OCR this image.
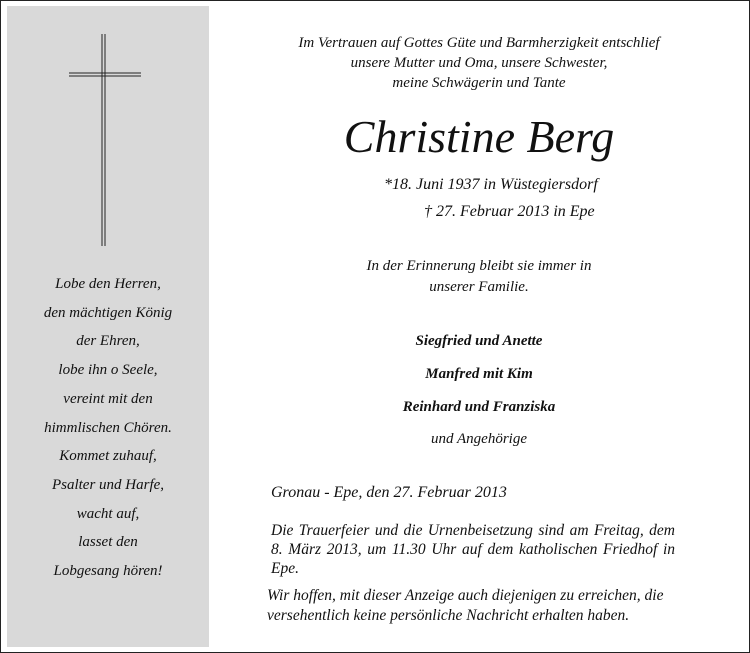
Lobe den Herren,
den mächtigen König
der Ehren,
lobe ihn o Seele,
vereint mit den
himmlischen Chören.
Kommet zuhauf,
Psalter und Harfe,
wacht auf,
lasset den
Lobgesang hören!
Im Vertrauen auf Gottes Güte und Barmherzigkeit entschlief
unsere Mutter und Oma, unsere Schwester,
meine Schwägerin und Tante
Christine Berg
*18. Juni 1937 in Wüstegiersdorf
† 27. Februar 2013 in Epe
In der Erinnerung bleibt sie immer in
unserer Familie.
Siegfried und Anette
Manfred mit Kim
Reinhard und Franziska
und Angehörige
Gronau - Epe, den 27. Februar 2013
Die Trauerfeier und die Urnenbeisetzung sind am Freitag, dem
8. März 2013, um 11.30 Uhr auf dem katholischen Friedhof in
Epe.
Wir hoffen, mit dieser Anzeige auch diejenigen zu erreichen, die
versehentlich keine persönliche Nachricht erhalten haben.
